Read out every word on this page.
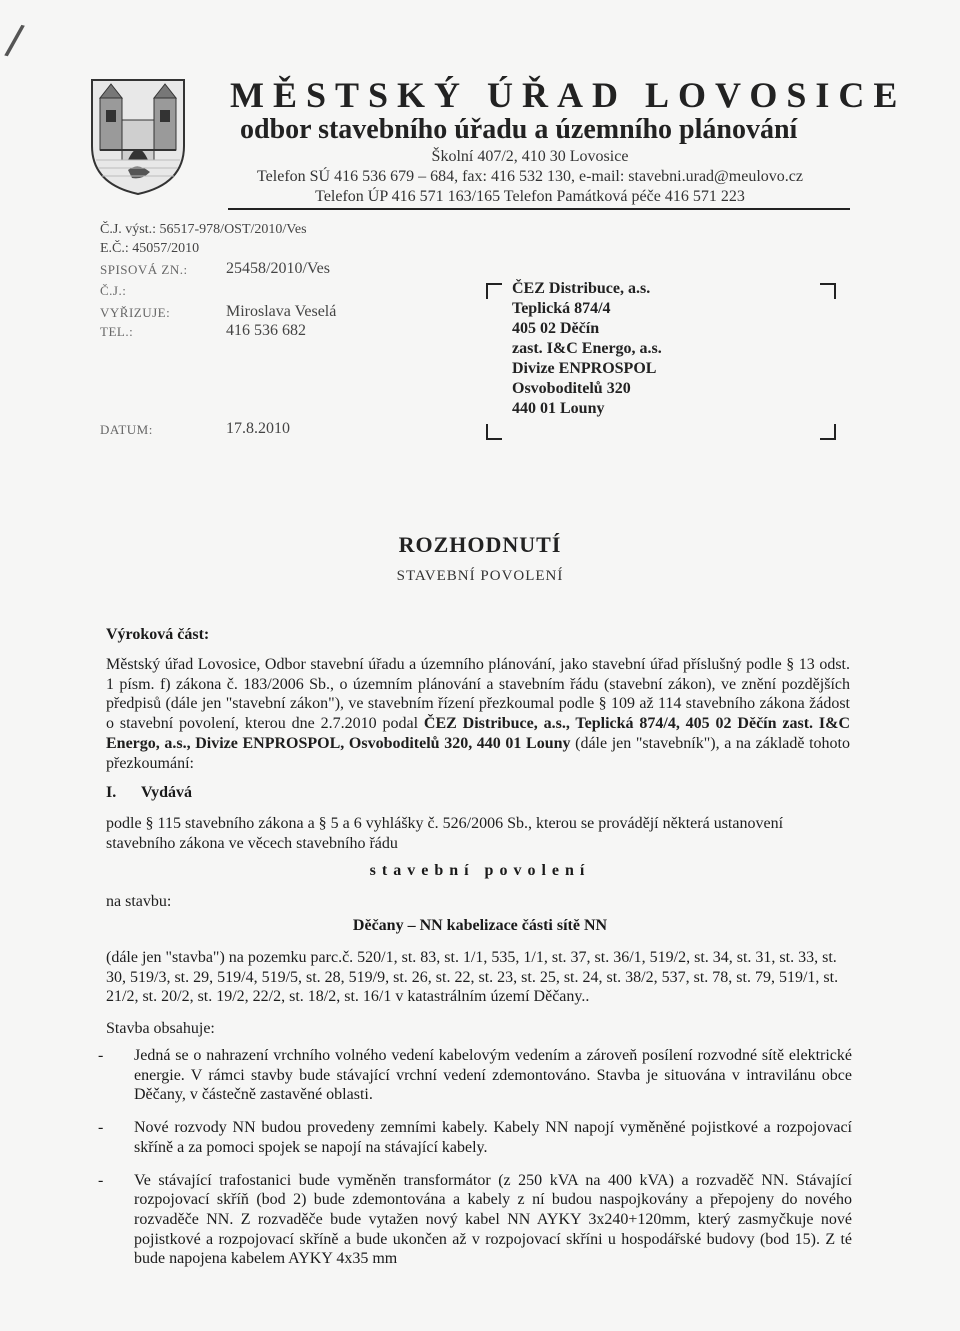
/
MĚSTSKÝ ÚŘAD LOVOSICE
odbor stavebního úřadu a územního plánování
Školní 407/2, 410 30 Lovosice
Telefon SÚ 416 536 679 – 684, fax: 416 532 130, e-mail: stavebni.urad@meulovo.cz
Telefon ÚP 416 571 163/165 Telefon Památková péče 416 571 223
Č.J. výst.: 56517-978/OST/2010/Ves
E.Č.: 45057/2010
SPISOVÁ ZN.: 25458/2010/Ves
Č.J.:
VYŘIZUJE:	Miroslava Veselá
TEL.:	416 536 682
DATUM:	17.8.2010
ČEZ Distribuce, a.s.
Teplická 874/4
405 02 Děčín
zast. I&C Energo, a.s.
Divize ENPROSPOL
Osvoboditelů 320
440 01 Louny
ROZHODNUTÍ
STAVEBNÍ POVOLENÍ
Výroková část:

Městský úřad Lovosice, Odbor stavební úřadu a územního plánování, jako stavební úřad příslušný podle § 13 odst. 1 písm. f) zákona č. 183/2006 Sb., o územním plánování a stavebním řádu (stavební zákon), ve znění pozdějších předpisů (dále jen "stavební zákon"), ve stavebním řízení přezkoumal podle § 109 až 114 stavebního zákona žádost o stavební povolení, kterou dne 2.7.2010 podal ČEZ Distribuce, a.s., Teplická 874/4, 405 02 Děčín zast. I&C Energo, a.s., Divize ENPROSPOL, Osvoboditelů 320, 440 01 Louny (dále jen "stavebník"), a na základě tohoto přezkoumání:

I. Vydává
podle § 115 stavebního zákona a § 5 a 6 vyhlášky č. 526/2006 Sb., kterou se provádějí některá ustanovení stavebního zákona ve věcech stavebního řádu
stavební povolení
na stavbu:
Děčany – NN kabelizace části sítě NN
(dále jen "stavba") na pozemku parc.č. 520/1, st. 83, st. 1/1, 535, 1/1, st. 37, st. 36/1, 519/2, st. 34, st. 31, st. 33, st. 30, 519/3, st. 29, 519/4, 519/5, st. 28, 519/9, st. 26, st. 22, st. 23, st. 25, st. 24, st. 38/2, 537, st. 78, st. 79, 519/1, st. 21/2, st. 20/2, st. 19/2, 22/2, st. 18/2, st. 16/1 v katastrálním území Děčany..
Stavba obsahuje:
- Jedná se o nahrazení vrchního volného vedení kabelovým vedením a zároveň posílení rozvodné sítě elektrické energie. V rámci stavby bude stávající vrchní vedení zdemontováno. Stavba je situována v intravilánu obce Děčany, v částečně zastavěné oblasti.
- Nové rozvody NN budou provedeny zemními kabely. Kabely NN napojí vyměněné pojistkové a rozpojovací skříně a za pomoci spojek se napojí na stávající kabely.
- Ve stávající trafostanici bude vyměněn transformátor (z 250 kVA na 400 kVA) a rozvaděč NN. Stávající rozpojovací skříň (bod 2) bude zdemontována a kabely z ní budou naspojkovány a přepojeny do nového rozvaděče NN. Z rozvaděče bude vytažen nový kabel NN AYKY 3x240+120mm, který zasmyčkuje nové pojistkové a rozpojovací skříně a bude ukončen až v rozpojovací skříni u hospodářské budovy (bod 15). Z té bude napojena kabelem AYKY 4x35 mm
